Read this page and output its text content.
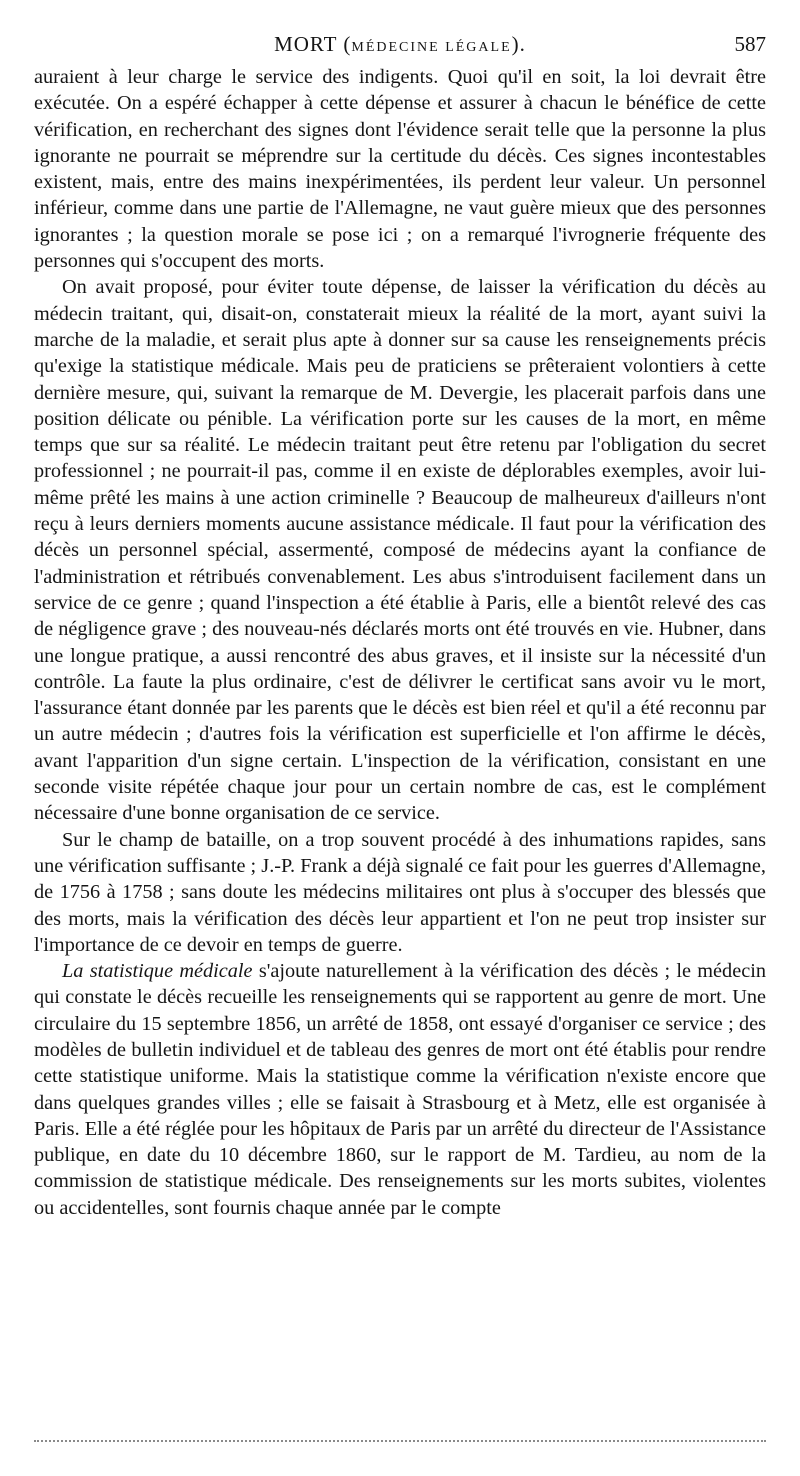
MORT (MÉDECINE LÉGALE).	587

auraient à leur charge le service des indigents. Quoi qu'il en soit, la loi devrait être exécutée. On a espéré échapper à cette dépense et assurer à chacun le bénéfice de cette vérification, en recherchant des signes dont l'évidence serait telle que la personne la plus ignorante ne pourrait se méprendre sur la certitude du décès. Ces signes incontestables existent, mais, entre des mains inexpérimentées, ils perdent leur valeur. Un personnel inférieur, comme dans une partie de l'Allemagne, ne vaut guère mieux que des personnes ignorantes ; la question morale se pose ici ; on a remarqué l'ivrognerie fréquente des personnes qui s'occupent des morts.

On avait proposé, pour éviter toute dépense, de laisser la vérification du décès au médecin traitant, qui, disait-on, constaterait mieux la réalité de la mort, ayant suivi la marche de la maladie, et serait plus apte à donner sur sa cause les renseignements précis qu'exige la statistique médicale. Mais peu de praticiens se prêteraient volontiers à cette dernière mesure, qui, suivant la remarque de M. Devergie, les placerait parfois dans une position délicate ou pénible. La vérification porte sur les causes de la mort, en même temps que sur sa réalité. Le médecin traitant peut être retenu par l'obligation du secret professionnel ; ne pourrait-il pas, comme il en existe de déplorables exemples, avoir lui-même prêté les mains à une action criminelle ? Beaucoup de malheureux d'ailleurs n'ont reçu à leurs derniers moments aucune assistance médicale. Il faut pour la vérification des décès un personnel spécial, assermenté, composé de médecins ayant la confiance de l'administration et rétribués convenablement. Les abus s'introduisent facilement dans un service de ce genre ; quand l'inspection a été établie à Paris, elle a bientôt relevé des cas de négligence grave ; des nouveau-nés déclarés morts ont été trouvés en vie. Hubner, dans une longue pratique, a aussi rencontré des abus graves, et il insiste sur la nécessité d'un contrôle. La faute la plus ordinaire, c'est de délivrer le certificat sans avoir vu le mort, l'assurance étant donnée par les parents que le décès est bien réel et qu'il a été reconnu par un autre médecin ; d'autres fois la vérification est superficielle et l'on affirme le décès, avant l'apparition d'un signe certain. L'inspection de la vérification, consistant en une seconde visite répétée chaque jour pour un certain nombre de cas, est le complément nécessaire d'une bonne organisation de ce service.

Sur le champ de bataille, on a trop souvent procédé à des inhumations rapides, sans une vérification suffisante ; J.-P. Frank a déjà signalé ce fait pour les guerres d'Allemagne, de 1756 à 1758 ; sans doute les médecins militaires ont plus à s'occuper des blessés que des morts, mais la vérification des décès leur appartient et l'on ne peut trop insister sur l'importance de ce devoir en temps de guerre.

La statistique médicale s'ajoute naturellement à la vérification des décès ; le médecin qui constate le décès recueille les renseignements qui se rapportent au genre de mort. Une circulaire du 15 septembre 1856, un arrêté de 1858, ont essayé d'organiser ce service ; des modèles de bulletin individuel et de tableau des genres de mort ont été établis pour rendre cette statistique uniforme. Mais la statistique comme la vérification n'existe encore que dans quelques grandes villes ; elle se faisait à Strasbourg et à Metz, elle est organisée à Paris. Elle a été réglée pour les hôpitaux de Paris par un arrêté du directeur de l'Assistance publique, en date du 10 décembre 1860, sur le rapport de M. Tardieu, au nom de la commission de statistique médicale. Des renseignements sur les morts subites, violentes ou accidentelles, sont fournis chaque année par le compte
